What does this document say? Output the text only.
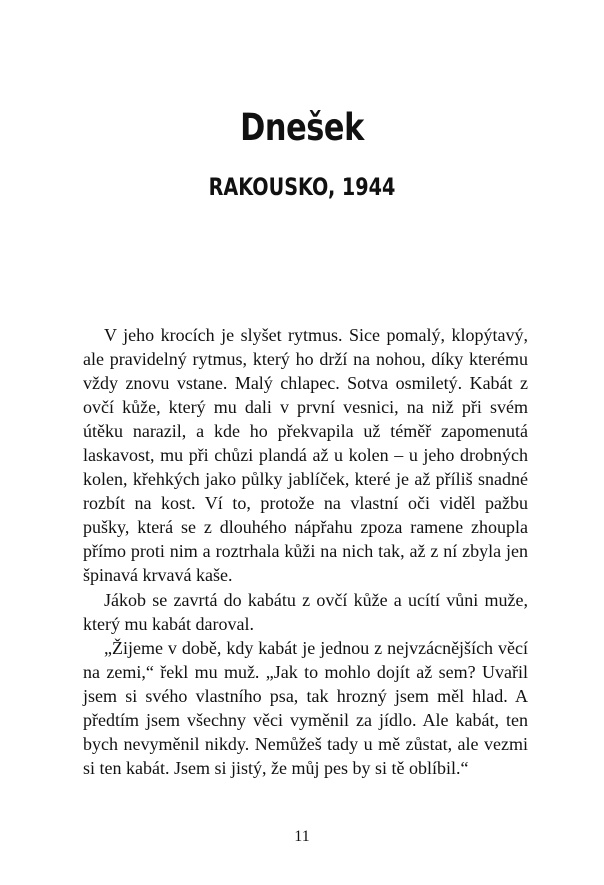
Dnešek
RAKOUSKO, 1944

V jeho krocích je slyšet rytmus. Sice pomalý, klopýtavý, ale pravidelný rytmus, který ho drží na nohou, díky kterému vždy znovu vstane. Malý chlapec. Sotva osmiletý. Kabát z ovčí kůže, který mu dali v první vesnici, na niž při svém útěku narazil, a kde ho překvapila už téměř zapomenutá laskavost, mu při chůzi plandá až u kolen – u jeho drobných kolen, křehkých jako půlky jablíček, které je až příliš snadné rozbít na kost. Ví to, protože na vlastní oči viděl pažbu pušky, která se z dlouhého nápřahu zpoza ramene zhoupla přímo proti nim a roztrhala kůži na nich tak, až z ní zbyla jen špinavá krvavá kaše.

Jákob se zavrtá do kabátu z ovčí kůže a ucítí vůni muže, který mu kabát daroval.

„Žijeme v době, kdy kabát je jednou z nejvzácnějších věcí na zemi,“ řekl mu muž. „Jak to mohlo dojít až sem? Uvařil jsem si svého vlastního psa, tak hrozný jsem měl hlad. A předtím jsem všechny věci vyměnil za jídlo. Ale kabát, ten bych nevyměnil nikdy. Nemůžeš tady u mě zůstat, ale vezmi si ten kabát. Jsem si jistý, že můj pes by si tě oblíbil.“

11
